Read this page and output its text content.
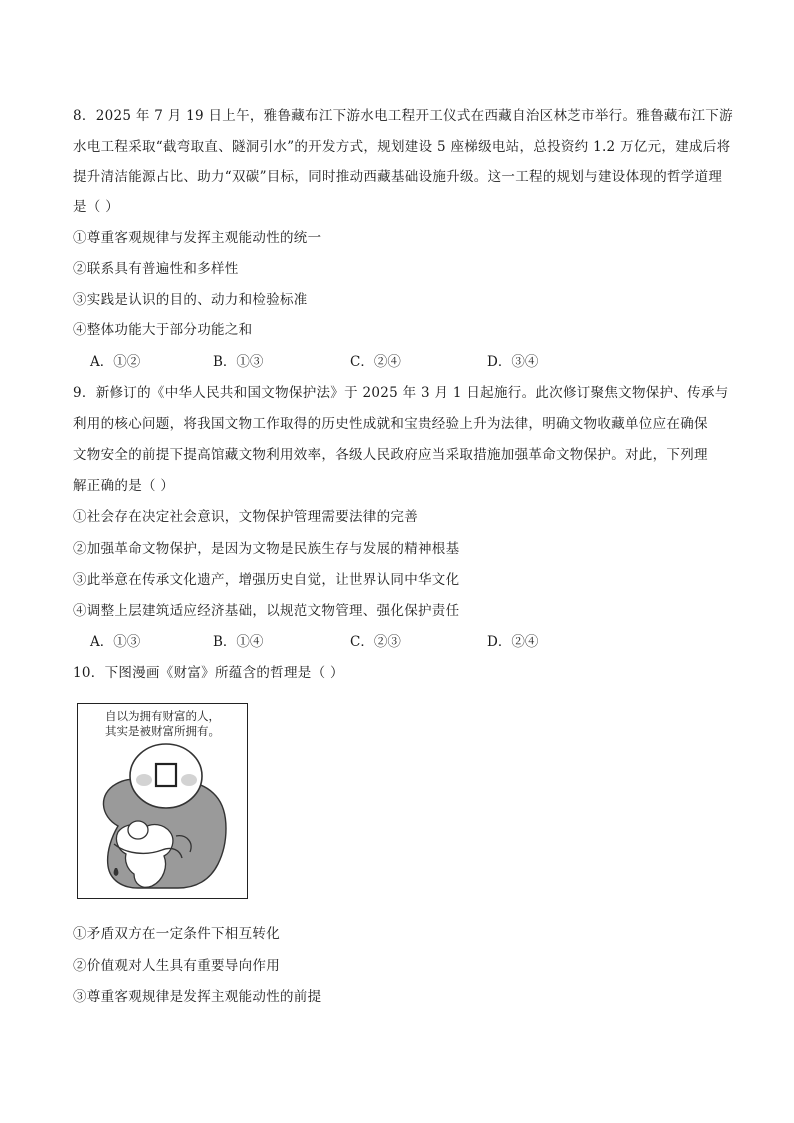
8．2025 年 7 月 19 日上午，雅鲁藏布江下游水电工程开工仪式在西藏自治区林芝市举行。雅鲁藏布江下游
水电工程采取“截弯取直、隧洞引水”的开发方式，规划建设 5 座梯级电站，总投资约 1.2 万亿元，建成后将
提升清洁能源占比、助力“双碳”目标，同时推动西藏基础设施升级。这一工程的规划与建设体现的哲学道理
是（ ）
①尊重客观规律与发挥主观能动性的统一
②联系具有普遍性和多样性
③实践是认识的目的、动力和检验标准
④整体功能大于部分功能之和
A．①②	B．①③	C．②④	D．③④
9．新修订的《中华人民共和国文物保护法》于 2025 年 3 月 1 日起施行。此次修订聚焦文物保护、传承与
利用的核心问题，将我国文物工作取得的历史性成就和宝贵经验上升为法律，明确文物收藏单位应在确保
文物安全的前提下提高馆藏文物利用效率，各级人民政府应当采取措施加强革命文物保护。对此，下列理
解正确的是（ ）
①社会存在决定社会意识，文物保护管理需要法律的完善
②加强革命文物保护，是因为文物是民族生存与发展的精神根基
③此举意在传承文化遗产，增强历史自觉，让世界认同中华文化
④调整上层建筑适应经济基础，以规范文物管理、强化保护责任
A．①③	B．①④	C．②③	D．②④
10．下图漫画《财富》所蕴含的哲理是（ ）
自以为拥有财富的人，
其实是被财富所拥有。
①矛盾双方在一定条件下相互转化
②价值观对人生具有重要导向作用
③尊重客观规律是发挥主观能动性的前提
